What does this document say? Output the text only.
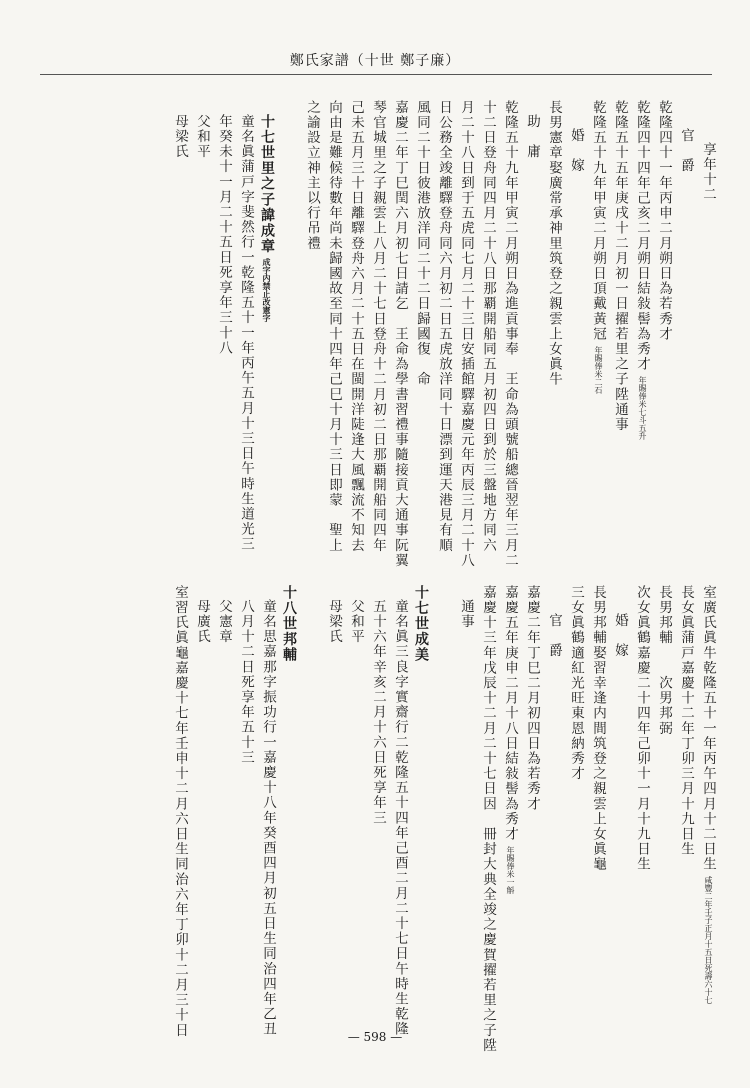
鄭氏家譜（十世 鄭子廉）
享年十二
官　爵
乾隆四十一年丙申二月朔日為若秀才
乾隆四十四年己亥二月朔日結敍髻為秀才年賜俸米七斗五升
乾隆五十五年庚戌十二月初一日擢若里之子陞通事
乾隆五十九年甲寅二月朔日頂戴黃冠年賜俸米二石
婚　嫁
長男憲章娶廣常承神里筑登之親雲上女眞牛
助　庸
乾隆五十九年甲寅二月朔日為進貢事奉　王命為頭號船總晉翌年三月二
十二日登舟同四月二十八日那覇開船同五月初四日到於三盤地方同六
月二十八日到于五虎同七月二十三日安插館驛嘉慶元年丙辰三月二十八
日公務全竣離驛登舟同六月初二日五虎放洋同十日漂到運天港見有順
風同二十日彼港放洋同二十二日歸國復　命
嘉慶二年丁巳閏六月初七日請乞　王命為學書習禮事隨接貢大通事阮翼
琴官城里之子親雲上八月二十七日登舟十二月初二日那覇開船同四年
己未五月三十日離驛登舟六月二十五日在閩開洋陡逢大風飄流不知去
向由是難候待數年尚未歸國故至同十四年己巳十月十三日即蒙　聖上
之諭設立神主以行吊禮
十七世里之子諱成章成字内禁止改憲字
童名眞蒲戸字斐然行一乾隆五十一年丙午五月十三日午時生道光三
年癸未十一月二十五日死享年三十八
父和平
母梁氏
室廣氏眞牛乾隆五十一年丙午四月十二日生咸豐二年壬子正月十五日死壽六十七
長女眞蒲戸嘉慶十二年丁卯三月十九日生
長男邦輔　　次男邦弼
次女眞鶴嘉慶二十四年己卯十一月十九日生
婚　嫁
長男邦輔娶習幸逢内間筑登之親雲上女眞龜
三女眞鶴適紅光旺東恩納秀才
官　爵
嘉慶二年丁巳二月初四日為若秀才
嘉慶五年庚申二月十八日結敍髻為秀才年賜俸米一斛
嘉慶十三年戊辰十二月二十七日因　冊封大典全竣之慶賀擢若里之子陞
通事
十七世成美
童名眞三良字實齋行二乾隆五十四年己酉二月二十七日午時生乾隆
五十六年辛亥二月十六日死享年三
父和平
母梁氏
十八世邦輔
童名思嘉那字振功行一嘉慶十八年癸酉四月初五日生同治四年乙丑
八月十二日死享年五十三
父憲章
母廣氏
室習氏眞龜嘉慶十七年壬申十二月六日生同治六年丁卯十二月三十日	— 598 —
